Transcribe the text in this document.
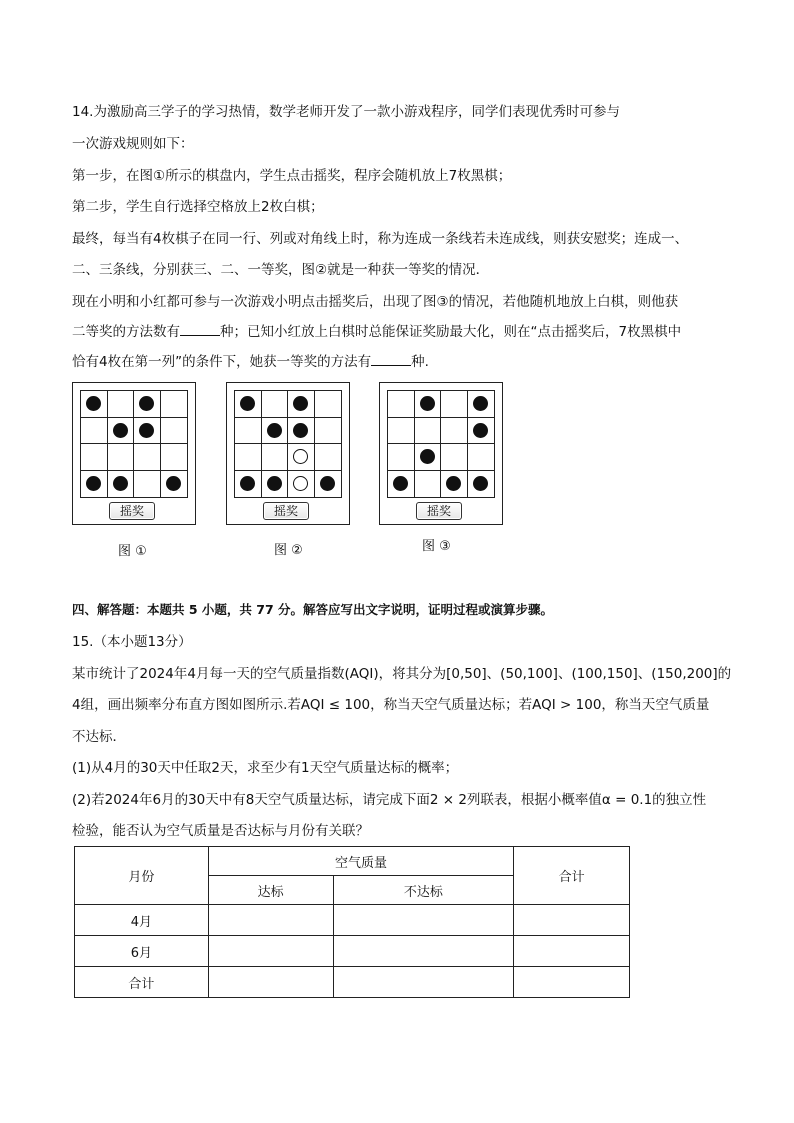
14.为激励高三学子的学习热情，数学老师开发了一款小游戏程序，同学们表现优秀时可参与
一次游戏规则如下：
第一步，在图①所示的棋盘内，学生点击摇奖，程序会随机放上7枚黑棋；
第二步，学生自行选择空格放上2枚白棋；
最终，每当有4枚棋子在同一行、列或对角线上时，称为连成一条线若未连成线，则获安慰奖；连成一、
二、三条线，分别获三、二、一等奖，图②就是一种获一等奖的情况．
现在小明和小红都可参与一次游戏小明点击摇奖后，出现了图③的情况，若他随机地放上白棋，则他获
二等奖的方法数有	种；已知小红放上白棋时总能保证奖励最大化，则在“点击摇奖后，7枚黑棋中
恰有4枚在第一列”的条件下，她获一等奖的方法有	种.
摇奖	摇奖	摇奖
图 ①	图 ②	图 ③
四、解答题：本题共 5 小题，共 77 分。解答应写出文字说明，证明过程或演算步骤。
15.（本小题13分）
某市统计了2024年4月每一天的空气质量指数(AQI)，将其分为[0,50]、(50,100]、(100,150]、(150,200]的
4组，画出频率分布直方图如图所示.若AQI ≤ 100，称当天空气质量达标；若AQI > 100，称当天空气质量
不达标．
(1)从4月的30天中任取2天，求至少有1天空气质量达标的概率；
(2)若2024年6月的30天中有8天空气质量达标，请完成下面2 × 2列联表，根据小概率值α = 0.1的独立性
检验，能否认为空气质量是否达标与月份有关联？
月份	空气质量		合计
	达标	不达标	
4月			
6月			
合计			
